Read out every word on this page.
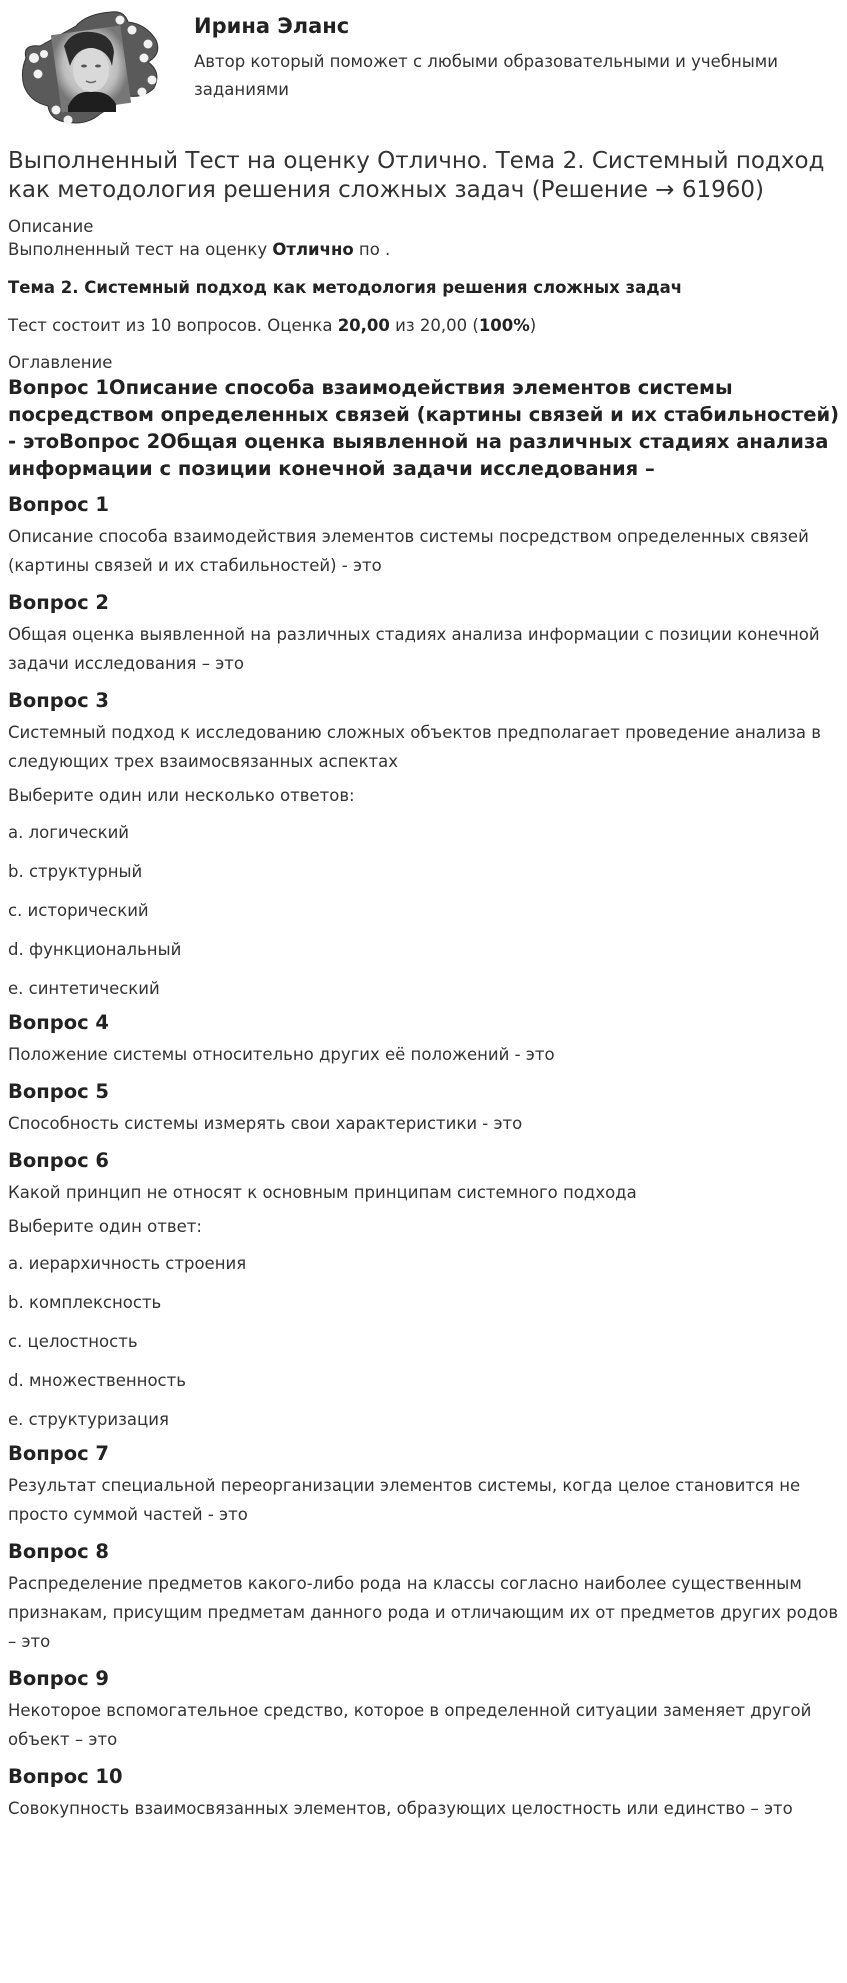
Ирина Эланс
Автор который поможет с любыми образовательными и учебными заданиями
Выполненный Тест на оценку Отлично. Тема 2. Системный подход как методология решения сложных задач (Решение → 61960)
Описание
Выполненный тест на оценку Отлично по .
Тема 2. Системный подход как методология решения сложных задач
Тест состоит из 10 вопросов. Оценка 20,00 из 20,00 (100%)
Оглавление
Вопрос 1Описание способа взаимодействия элементов системы посредством определенных связей (картины связей и их стабильностей) - этоВопрос 2Общая оценка выявленной на различных стадиях анализа информации с позиции конечной задачи исследования –
Вопрос 1
Описание способа взаимодействия элементов системы посредством определенных связей (картины связей и их стабильностей) - это
Вопрос 2
Общая оценка выявленной на различных стадиях анализа информации с позиции конечной задачи исследования – это
Вопрос 3
Системный подход к исследованию сложных объектов предполагает проведение анализа в следующих трех взаимосвязанных аспектах
Выберите один или несколько ответов:
a. логический
b. структурный
c. исторический
d. функциональный
e. синтетический
Вопрос 4
Положение системы относительно других её положений - это
Вопрос 5
Способность системы измерять свои характеристики - это
Вопрос 6
Какой принцип не относят к основным принципам системного подхода
Выберите один ответ:
a. иерархичность строения
b. комплексность
c. целостность
d. множественность
e. структуризация
Вопрос 7
Результат специальной переорганизации элементов системы, когда целое становится не просто суммой частей - это
Вопрос 8
Распределение предметов какого-либо рода на классы согласно наиболее существенным признакам, присущим предметам данного рода и отличающим их от предметов других родов – это
Вопрос 9
Некоторое вспомогательное средство, которое в определенной ситуации заменяет другой объект – это
Вопрос 10
Совокупность взаимосвязанных элементов, образующих целостность или единство – это
